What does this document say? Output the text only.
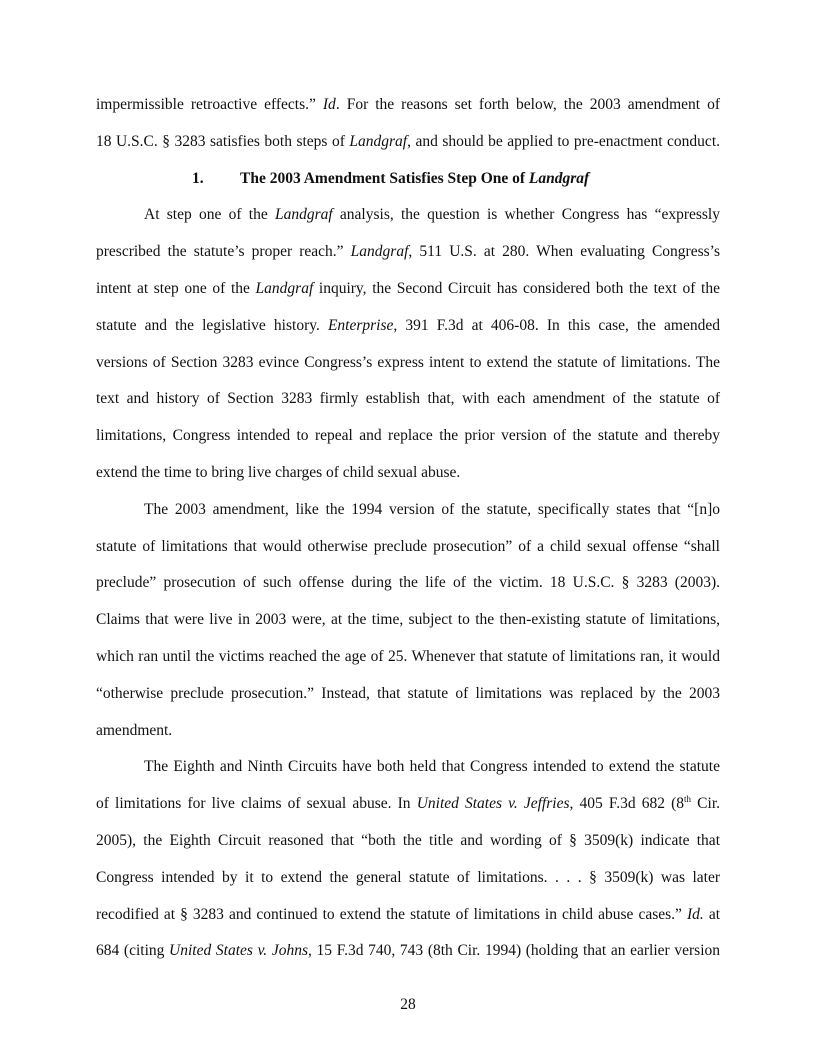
impermissible retroactive effects.” Id. For the reasons set forth below, the 2003 amendment of
18 U.S.C. § 3283 satisfies both steps of Landgraf, and should be applied to pre-enactment conduct.
1. The 2003 Amendment Satisfies Step One of Landgraf
At step one of the Landgraf analysis, the question is whether Congress has “expressly
prescribed the statute’s proper reach.” Landgraf, 511 U.S. at 280. When evaluating Congress’s
intent at step one of the Landgraf inquiry, the Second Circuit has considered both the text of the
statute and the legislative history. Enterprise, 391 F.3d at 406-08. In this case, the amended
versions of Section 3283 evince Congress’s express intent to extend the statute of limitations. The
text and history of Section 3283 firmly establish that, with each amendment of the statute of
limitations, Congress intended to repeal and replace the prior version of the statute and thereby
extend the time to bring live charges of child sexual abuse.
The 2003 amendment, like the 1994 version of the statute, specifically states that “[n]o
statute of limitations that would otherwise preclude prosecution” of a child sexual offense “shall
preclude” prosecution of such offense during the life of the victim. 18 U.S.C. § 3283 (2003).
Claims that were live in 2003 were, at the time, subject to the then-existing statute of limitations,
which ran until the victims reached the age of 25. Whenever that statute of limitations ran, it would
“otherwise preclude prosecution.” Instead, that statute of limitations was replaced by the 2003
amendment.
The Eighth and Ninth Circuits have both held that Congress intended to extend the statute
of limitations for live claims of sexual abuse. In United States v. Jeffries, 405 F.3d 682 (8th Cir.
2005), the Eighth Circuit reasoned that “both the title and wording of § 3509(k) indicate that
Congress intended by it to extend the general statute of limitations. . . . § 3509(k) was later
recodified at § 3283 and continued to extend the statute of limitations in child abuse cases.” Id. at
684 (citing United States v. Johns, 15 F.3d 740, 743 (8th Cir. 1994) (holding that an earlier version
28
